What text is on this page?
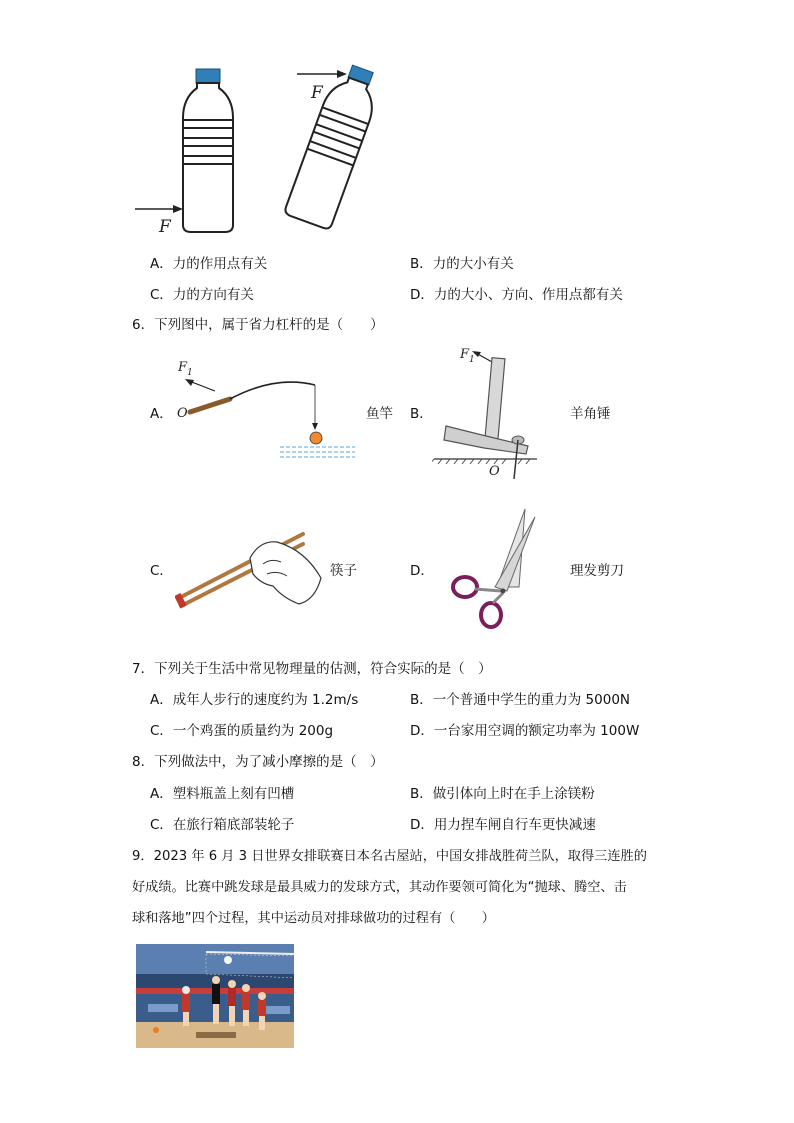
F
F
A．力的作用点有关	B．力的大小有关
C．力的方向有关	D．力的大小、方向、作用点都有关
6．下列图中，属于省力杠杆的是（　　）
A．
$F_1$
O	鱼竿 B．
$F_1$
O
羊角锤
C．	筷子	D．	理发剪刀
7．下列关于生活中常见物理量的估测，符合实际的是（　）
A．成年人步行的速度约为 1.2m/s	B．一个普通中学生的重力为 5000N
C．一个鸡蛋的质量约为 200g	D．一台家用空调的额定功率为 100W
8．下列做法中，为了减小摩擦的是（　）
A．塑料瓶盖上刻有凹槽	B．做引体向上时在手上涂镁粉
C．在旅行箱底部装轮子	D．用力捏车闸自行车更快减速
9．2023 年 6 月 3 日世界女排联赛日本名古屋站，中国女排战胜荷兰队，取得三连胜的
好成绩。比赛中跳发球是最具威力的发球方式，其动作要领可简化为“抛球、腾空、击
球和落地”四个过程，其中运动员对排球做功的过程有（　　）
